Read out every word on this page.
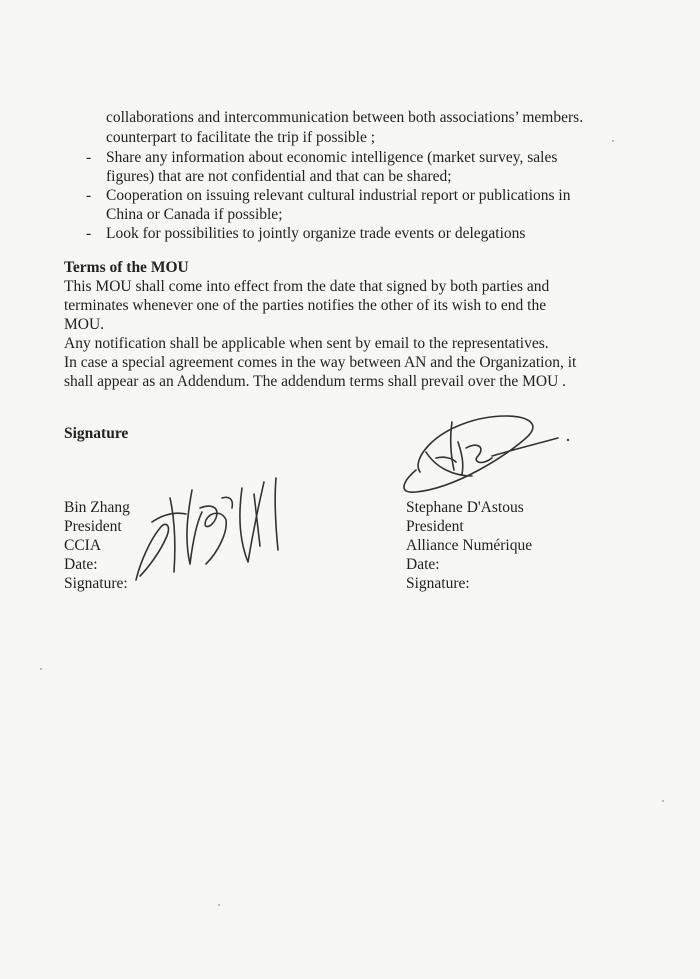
collaborations and intercommunication between both associations’ members.
counterpart to facilitate the trip if possible ;
- Share any information about economic intelligence (market survey, sales
figures) that are not confidential and that can be shared;
- Cooperation on issuing relevant cultural industrial report or publications in
China or Canada if possible;
- Look for possibilities to jointly organize trade events or delegations
Terms of the MOU
This MOU shall come into effect from the date that signed by both parties and
terminates whenever one of the parties notifies the other of its wish to end the
MOU.
Any notification shall be applicable when sent by email to the representatives.
In case a special agreement comes in the way between AN and the Organization, it
shall appear as an Addendum. The addendum terms shall prevail over the MOU .
Signature
Bin Zhang
President
CCIA
Date:
Signature:
Stephane D'Astous
President
Alliance Numérique
Date:
Signature:
